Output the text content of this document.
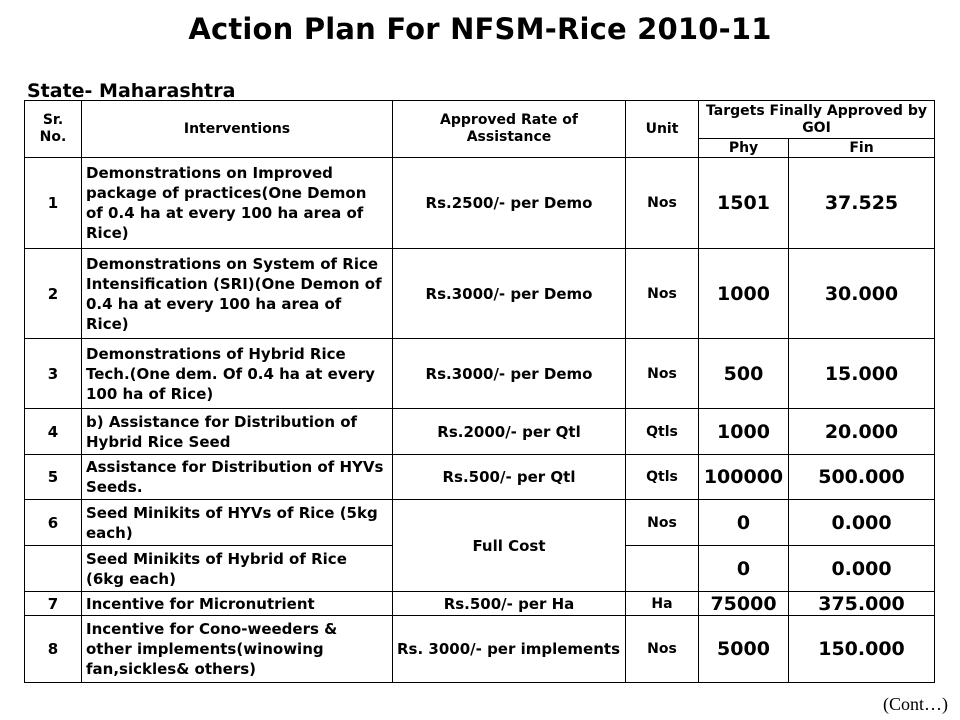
Action Plan For NFSM-Rice 2010-11
State- Maharashtra
Sr. No.	Interventions	Approved Rate of Assistance	Unit	Targets Finally Approved by GOI	
				Phy	Fin
1	Demonstrations on Improved package of practices(One Demon of 0.4 ha at every 100 ha area of Rice)	Rs.2500/- per Demo	Nos	1501	37.525
2	Demonstrations on System of Rice Intensification (SRI)(One Demon of 0.4 ha at every 100 ha area of Rice)	Rs.3000/- per Demo	Nos	1000	30.000
3	Demonstrations of Hybrid Rice Tech.(One dem. Of 0.4 ha at every 100 ha of Rice)	Rs.3000/- per Demo	Nos	500	15.000
4	b) Assistance for Distribution of Hybrid Rice Seed	Rs.2000/- per Qtl	Qtls	1000	20.000
5	Assistance for Distribution of HYVs Seeds.	Rs.500/- per Qtl	Qtls	100000	500.000
6	Seed Minikits of HYVs of Rice (5kg each)	Full Cost	Nos	0	0.000
	Seed Minikits of Hybrid of Rice (6kg each)			0	0.000
7	Incentive for Micronutrient	Rs.500/- per Ha	Ha	75000	375.000
8	Incentive for Cono-weeders & other implements(winowing fan,sickles& others)	Rs. 3000/- per implements	Nos	5000	150.000
(Cont…)
